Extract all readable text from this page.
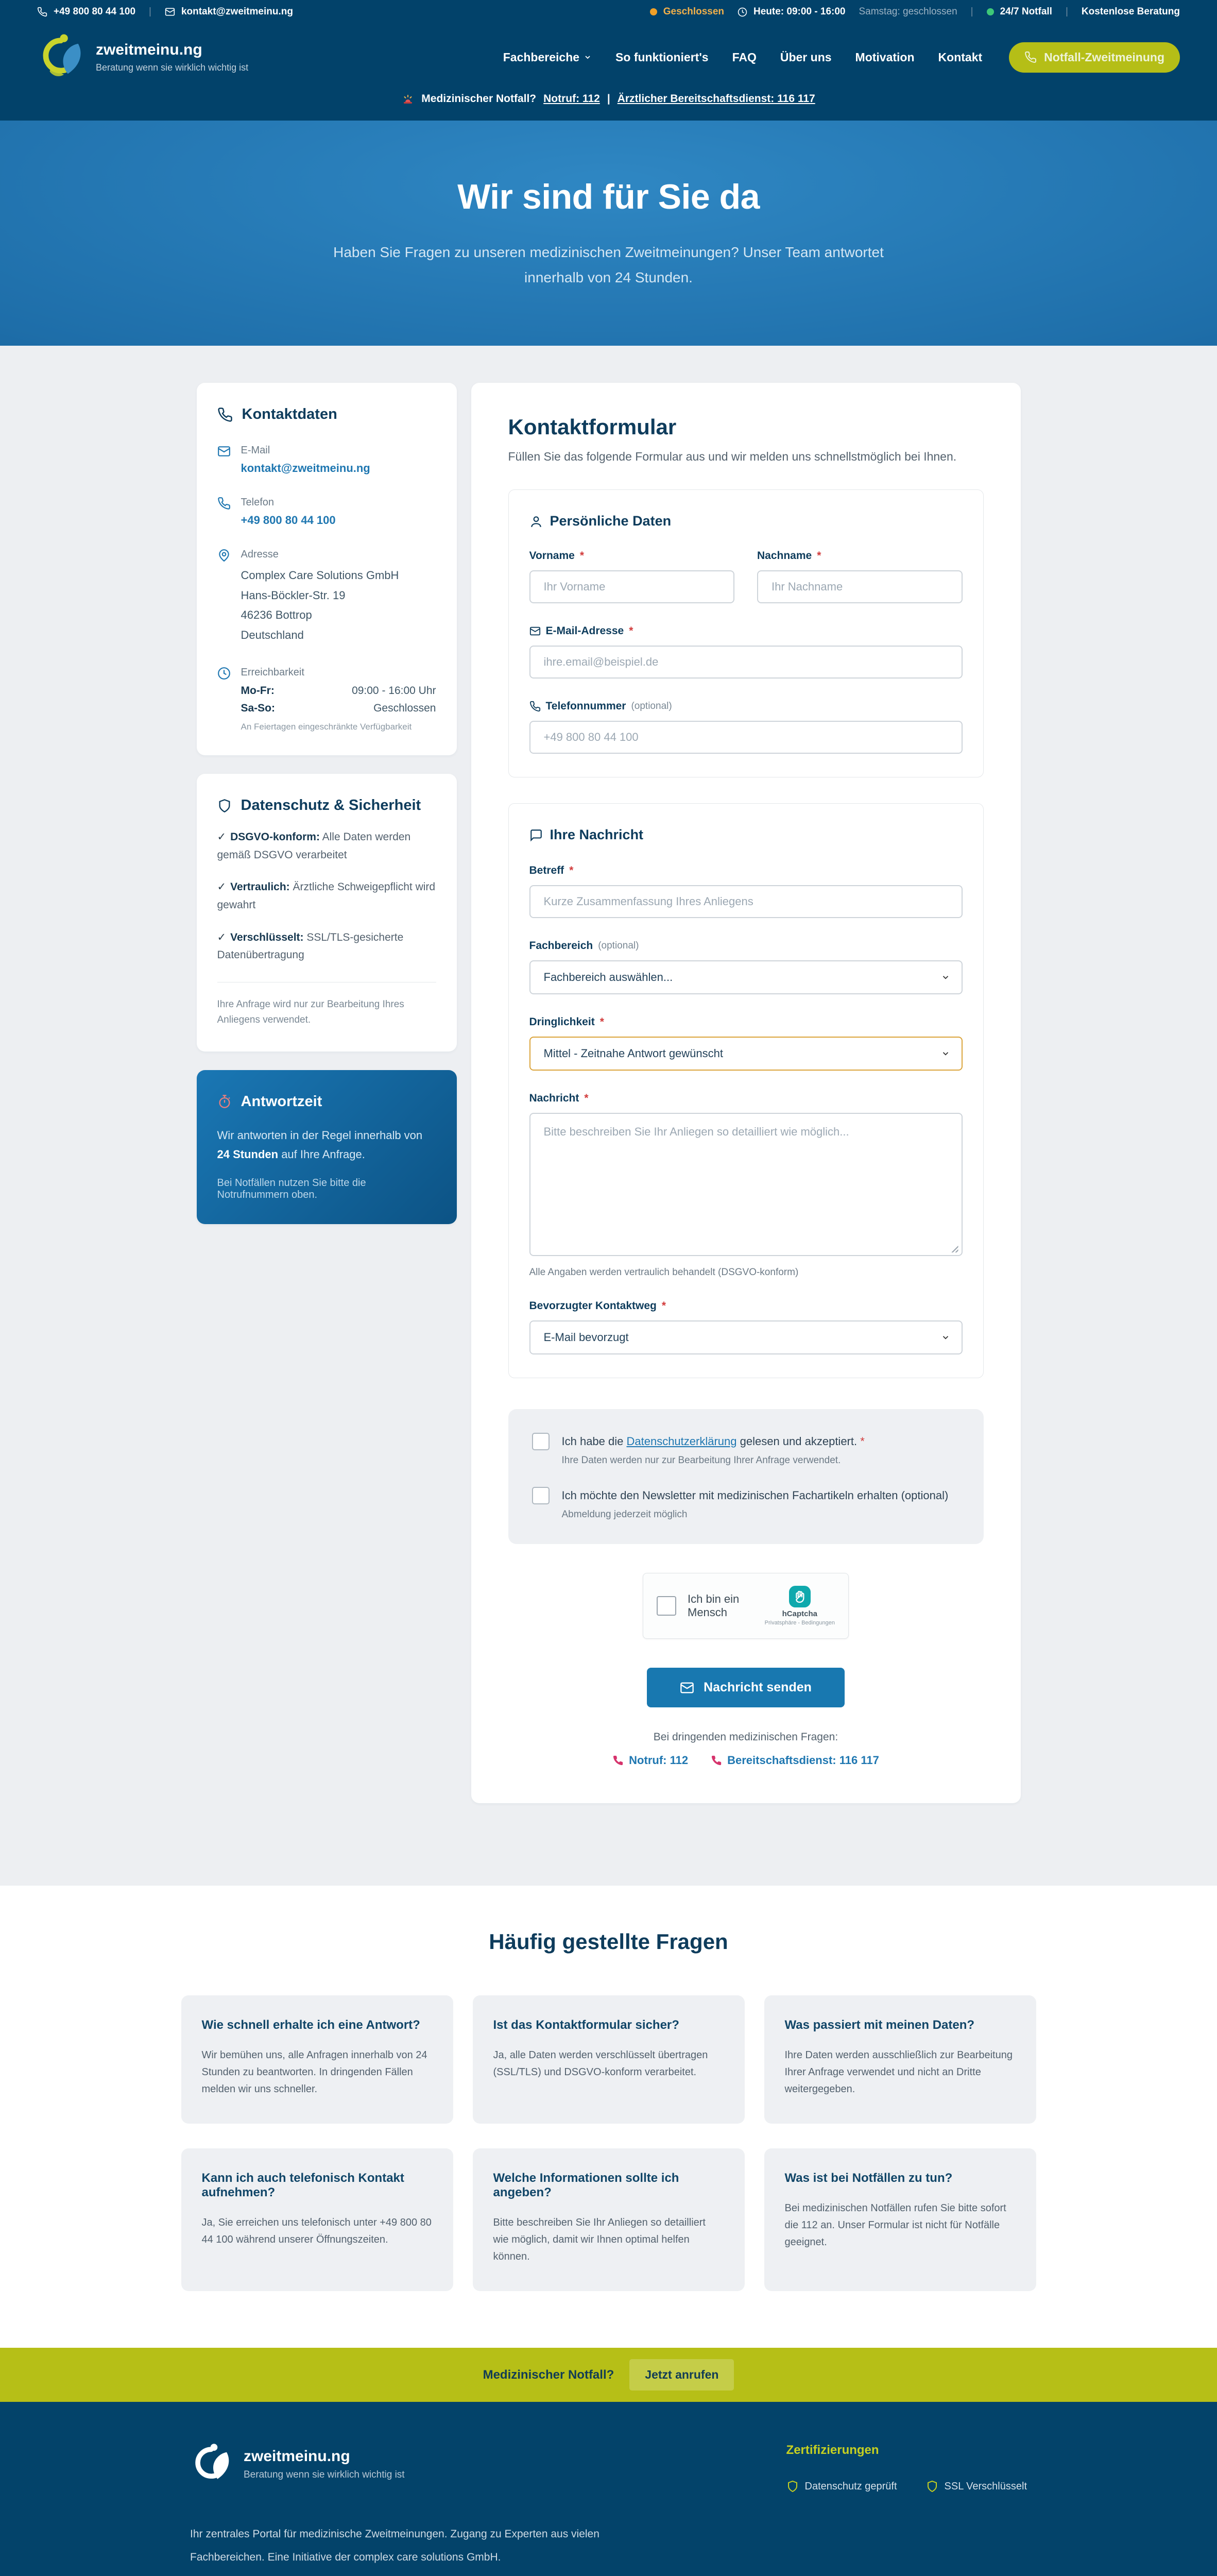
+49 800 80 44 100 |	kontakt@zweitmeinu.ng	Geschlossen	Heute: 09:00 - 16:00 Samstag: geschlossen |	24/7 Notfall | Kostenlose Beratung
zweitmeinu.ng
Beratung wenn sie wirklich wichtig ist
Fachbereiche	So funktioniert's FAQ Über uns Motivation Kontakt	Notfall-Zweitmeinung
Medizinischer Notfall? Notruf: 112 | Ärztlicher Bereitschaftsdienst: 116 117
Wir sind für Sie da

Haben Sie Fragen zu unseren medizinischen Zweitmeinungen? Unser Team antwortet innerhalb von 24 Stunden.

Kontaktdaten
E-Mail
kontakt@zweitmeinu.ng
Telefon
+49 800 80 44 100
Adresse
Complex Care Solutions GmbH
Hans-Böckler-Str. 19
46236 Bottrop
Deutschland
Erreichbarkeit
Mo-Fr:	09:00 - 16:00 Uhr
Sa-So:	Geschlossen
An Feiertagen eingeschränkte Verfügbarkeit
Datenschutz & Sicherheit

✓ DSGVO-konform: Alle Daten werden gemäß DSGVO verarbeitet

✓ Vertraulich: Ärztliche Schweigepflicht wird gewahrt

✓ Verschlüsselt: SSL/TLS-gesicherte Datenübertragung

Ihre Anfrage wird nur zur Bearbeitung Ihres Anliegens verwendet.

Antwortzeit

Wir antworten in der Regel innerhalb von 24 Stunden auf Ihre Anfrage.

Bei Notfällen nutzen Sie bitte die Notrufnummern oben.

Kontaktformular

Füllen Sie das folgende Formular aus und wir melden uns schnellstmöglich bei Ihnen.

Persönliche Daten
Vorname *
Ihr Vorname	Nachname *
Ihr Nachname
E-Mail-Adresse *
ihre.email@beispiel.de
Telefonnummer (optional)
+49 800 80 44 100
Ihre Nachricht
Betreff *
Kurze Zusammenfassung Ihres Anliegens
Fachbereich (optional)
Fachbereich auswählen...
Dringlichkeit *
Mittel - Zeitnahe Antwort gewünscht
Nachricht *
Bitte beschreiben Sie Ihr Anliegen so detailliert wie möglich...
Alle Angaben werden vertraulich behandelt (DSGVO-konform)
Bevorzugter Kontaktweg *
E-Mail bevorzugt
Ich habe die Datenschutzerklärung gelesen und akzeptiert. *
Ihre Daten werden nur zur Bearbeitung Ihrer Anfrage verwendet.
Ich möchte den Newsletter mit medizinischen Fachartikeln erhalten (optional)
Abmeldung jederzeit möglich
Ich bin ein Mensch	hCaptcha
Privatsphäre - Bedingungen
Nachricht senden

Bei dringenden medizinischen Fragen:

Notruf: 112	Bereitschaftsdienst: 116 117
Häufig gestellte Fragen
Wie schnell erhalte ich eine Antwort?

Wir bemühen uns, alle Anfragen innerhalb von 24 Stunden zu beantworten. In dringenden Fällen melden wir uns schneller.

Ist das Kontaktformular sicher?

Ja, alle Daten werden verschlüsselt übertragen (SSL/TLS) und DSGVO-konform verarbeitet.

Was passiert mit meinen Daten?

Ihre Daten werden ausschließlich zur Bearbeitung Ihrer Anfrage verwendet und nicht an Dritte weitergegeben.

Kann ich auch telefonisch Kontakt aufnehmen?

Ja, Sie erreichen uns telefonisch unter +49 800 80 44 100 während unserer Öffnungszeiten.

Welche Informationen sollte ich angeben?

Bitte beschreiben Sie Ihr Anliegen so detailliert wie möglich, damit wir Ihnen optimal helfen können.

Was ist bei Notfällen zu tun?

Bei medizinischen Notfällen rufen Sie bitte sofort die 112 an. Unser Formular ist nicht für Notfälle geeignet.

Medizinischer Notfall?	Jetzt anrufen
zweitmeinu.ng
Beratung wenn sie wirklich wichtig ist
Zertifizierungen
Datenschutz geprüft	SSL Verschlüsselt

Ihr zentrales Portal für medizinische Zweitmeinungen. Zugang zu Experten aus vielen Fachbereichen. Eine Initiative der complex care solutions GmbH.
